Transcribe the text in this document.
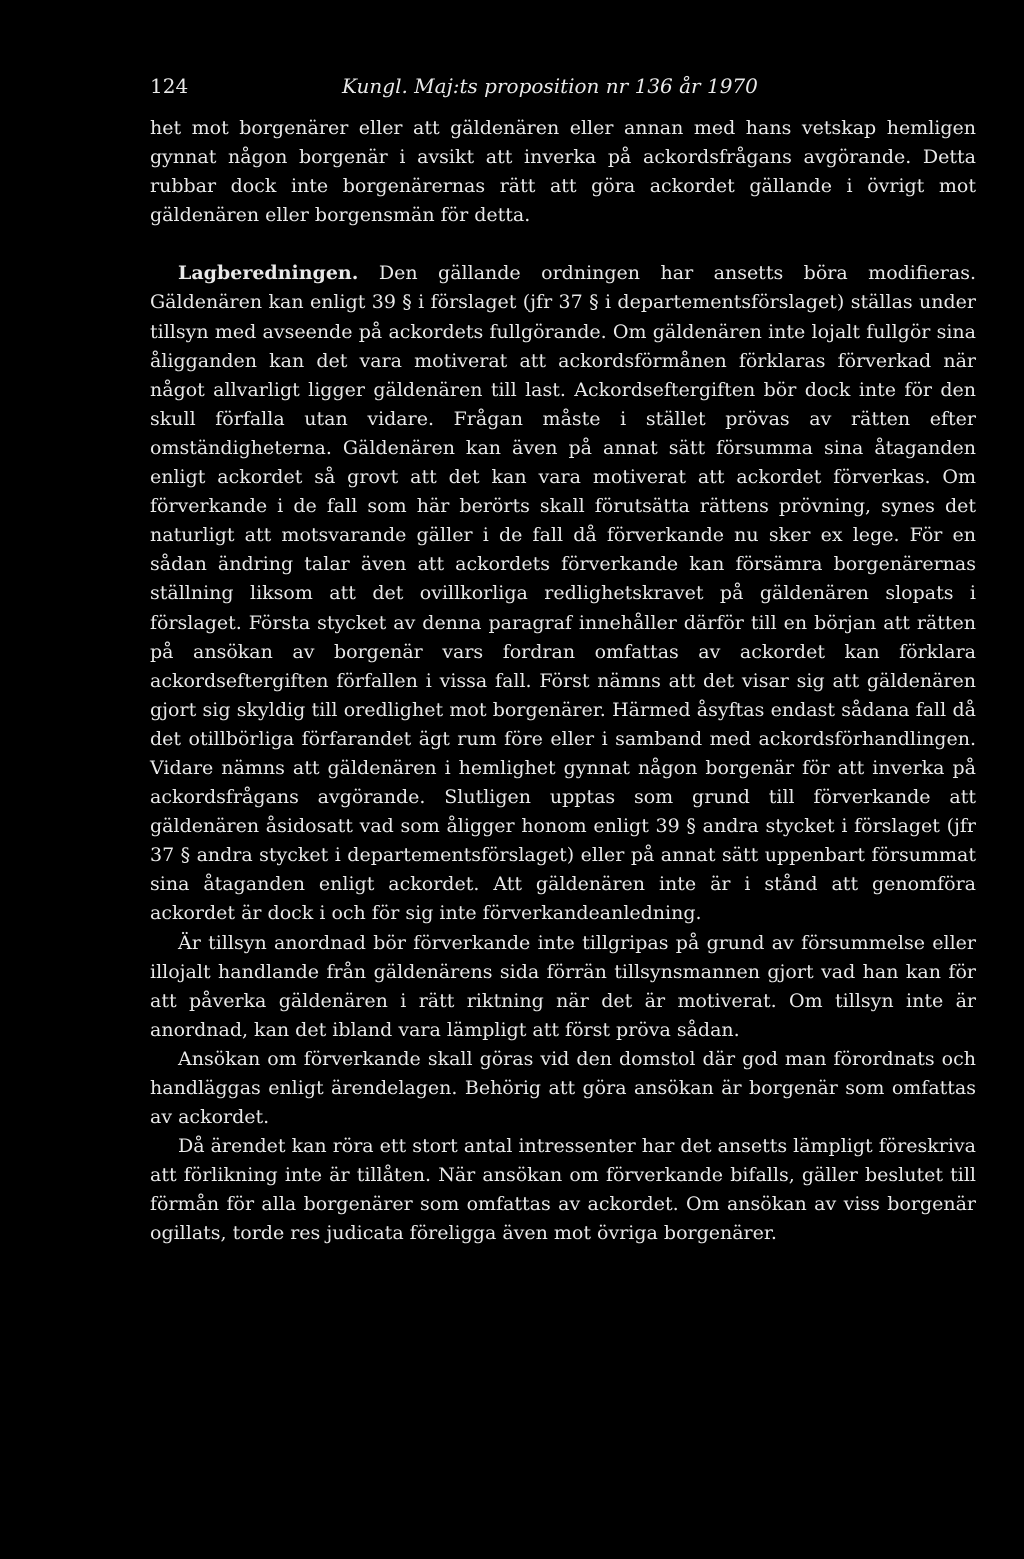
124	Kungl. Maj:ts proposition nr 136 år 1970

het mot borgenärer eller att gäldenären eller annan med hans vetskap hemligen gynnat någon borgenär i avsikt att inverka på ackordsfrågans avgörande. Detta rubbar dock inte borgenärernas rätt att göra ackordet gällande i övrigt mot gäldenären eller borgensmän för detta.

Lagberedningen. Den gällande ordningen har ansetts böra modifieras. Gäldenären kan enligt 39 § i förslaget (jfr 37 § i departementsförslaget) ställas under tillsyn med avseende på ackordets fullgörande. Om gäldenären inte lojalt fullgör sina åligganden kan det vara motiverat att ackordsförmånen förklaras förverkad när något allvarligt ligger gäldenären till last. Ackordseftergiften bör dock inte för den skull förfalla utan vidare. Frågan måste i stället prövas av rätten efter omständigheterna. Gäldenären kan även på annat sätt försumma sina åtaganden enligt ackordet så grovt att det kan vara motiverat att ackordet förverkas. Om förverkande i de fall som här berörts skall förutsätta rättens prövning, synes det naturligt att motsvarande gäller i de fall då förverkande nu sker ex lege. För en sådan ändring talar även att ackordets förverkande kan försämra borgenärernas ställning liksom att det ovillkorliga redlighetskravet på gäldenären slopats i förslaget. Första stycket av denna paragraf innehåller därför till en början att rätten på ansökan av borgenär vars fordran omfattas av ackordet kan förklara ackordseftergiften förfallen i vissa fall. Först nämns att det visar sig att gäldenären gjort sig skyldig till oredlighet mot borgenärer. Härmed åsyftas endast sådana fall då det otillbörliga förfarandet ägt rum före eller i samband med ackordsförhandlingen. Vidare nämns att gäldenären i hemlighet gynnat någon borgenär för att inverka på ackordsfrågans avgörande. Slutligen upptas som grund till förverkande att gäldenären åsidosatt vad som åligger honom enligt 39 § andra stycket i förslaget (jfr 37 § andra stycket i departementsförslaget) eller på annat sätt uppenbart försummat sina åtaganden enligt ackordet. Att gäldenären inte är i stånd att genomföra ackordet är dock i och för sig inte förverkandeanledning.

Är tillsyn anordnad bör förverkande inte tillgripas på grund av försummelse eller illojalt handlande från gäldenärens sida förrän tillsynsmannen gjort vad han kan för att påverka gäldenären i rätt riktning när det är motiverat. Om tillsyn inte är anordnad, kan det ibland vara lämpligt att först pröva sådan.

Ansökan om förverkande skall göras vid den domstol där god man förordnats och handläggas enligt ärendelagen. Behörig att göra ansökan är borgenär som omfattas av ackordet.

Då ärendet kan röra ett stort antal intressenter har det ansetts lämpligt föreskriva att förlikning inte är tillåten. När ansökan om förverkande bifalls, gäller beslutet till förmån för alla borgenärer som omfattas av ackordet. Om ansökan av viss borgenär ogillats, torde res judicata föreligga även mot övriga borgenärer.
